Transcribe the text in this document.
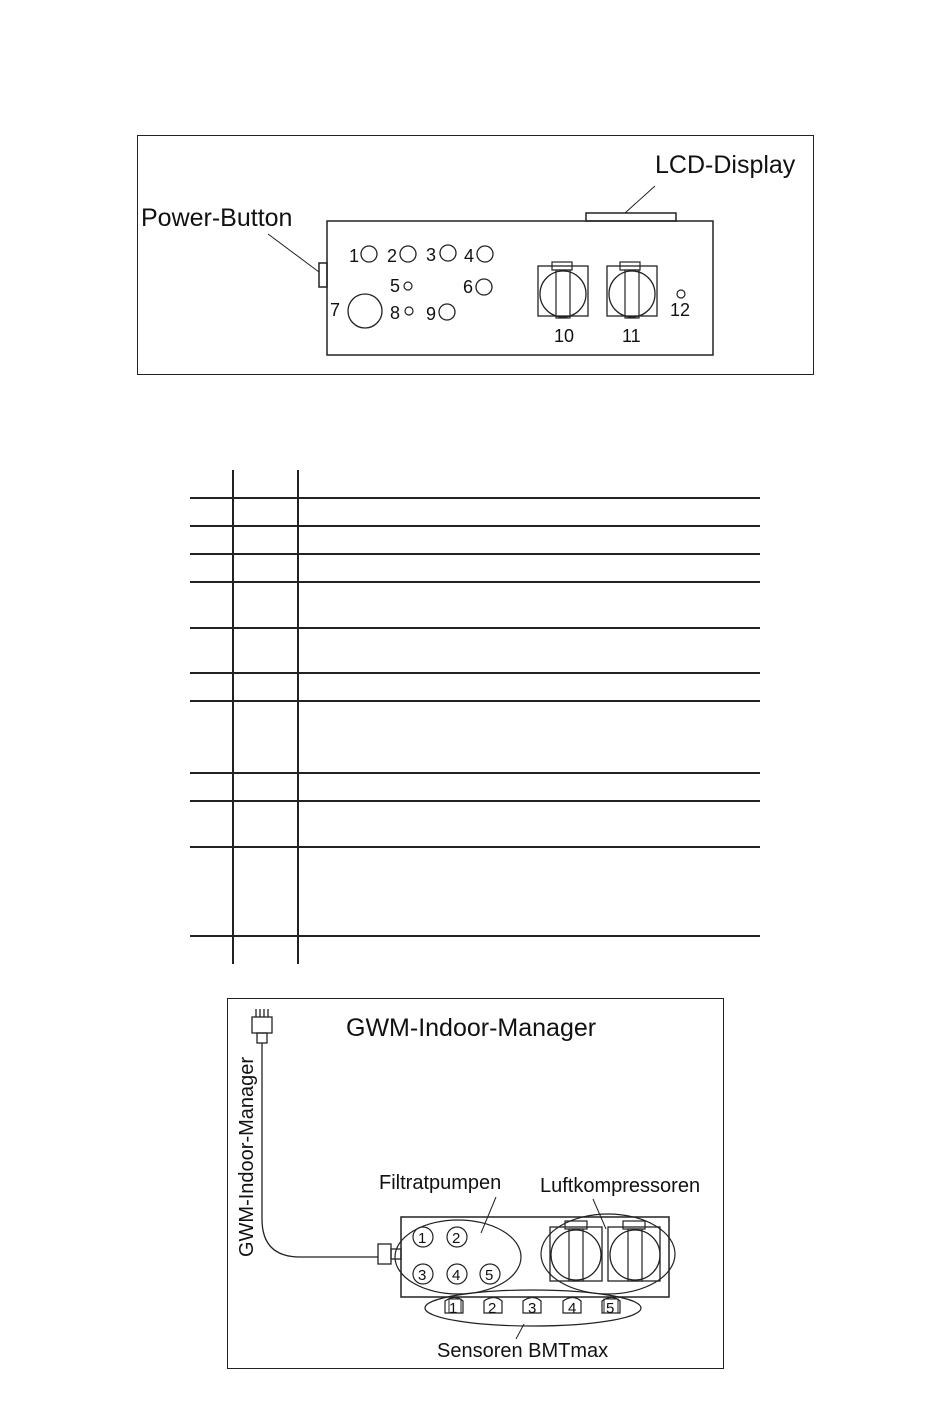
LCD-Display
Power-Button
1 2 3 4
5	6
7	8 9
10	11
12
GWM-Indoor-Manager
GWM-Indoor-Manager	Filtratpumpen
1 2
3 4 5
Luftkompressoren
1 2 3 4 5
Sensoren BMTmax
